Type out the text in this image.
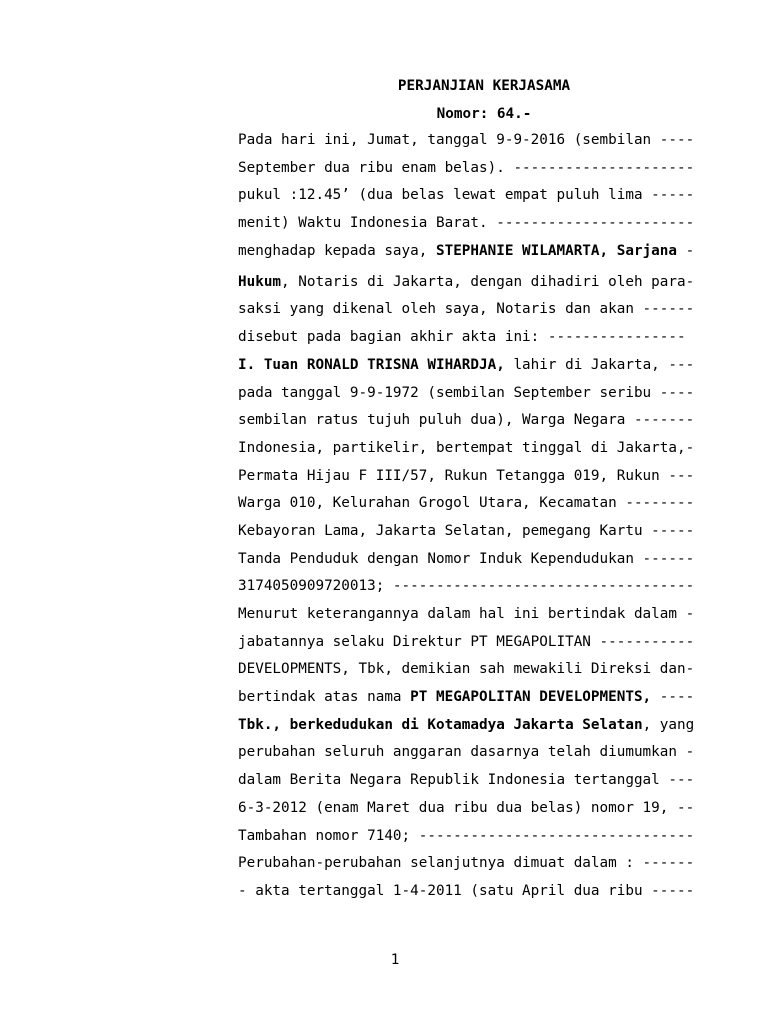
PERJANJIAN KERJASAMA
Nomor: 64.-
Pada hari ini, Jumat, tanggal 9-9-2016 (sembilan ----
September dua ribu enam belas). ---------------------
pukul :12.45’ (dua belas lewat empat puluh lima -----
menit) Waktu Indonesia Barat. -----------------------
menghadap kepada saya, STEPHANIE WILAMARTA, Sarjana -
Hukum, Notaris di Jakarta, dengan dihadiri oleh para-
saksi yang dikenal oleh saya, Notaris dan akan ------
disebut pada bagian akhir akta ini: ----------------
I. Tuan RONALD TRISNA WIHARDJA, lahir di Jakarta, ---
pada tanggal 9-9-1972 (sembilan September seribu ----
sembilan ratus tujuh puluh dua), Warga Negara -------
Indonesia, partikelir, bertempat tinggal di Jakarta,-
Permata Hijau F III/57, Rukun Tetangga 019, Rukun ---
Warga 010, Kelurahan Grogol Utara, Kecamatan --------
Kebayoran Lama, Jakarta Selatan, pemegang Kartu -----
Tanda Penduduk dengan Nomor Induk Kependudukan ------
3174050909720013; -----------------------------------
Menurut keterangannya dalam hal ini bertindak dalam -
jabatannya selaku Direktur PT MEGAPOLITAN -----------
DEVELOPMENTS, Tbk, demikian sah mewakili Direksi dan-
bertindak atas nama PT MEGAPOLITAN DEVELOPMENTS, ----
Tbk., berkedudukan di Kotamadya Jakarta Selatan, yang
perubahan seluruh anggaran dasarnya telah diumumkan -
dalam Berita Negara Republik Indonesia tertanggal ---
6-3-2012 (enam Maret dua ribu dua belas) nomor 19, --
Tambahan nomor 7140; --------------------------------
Perubahan-perubahan selanjutnya dimuat dalam : ------
- akta tertanggal 1-4-2011 (satu April dua ribu -----
1
